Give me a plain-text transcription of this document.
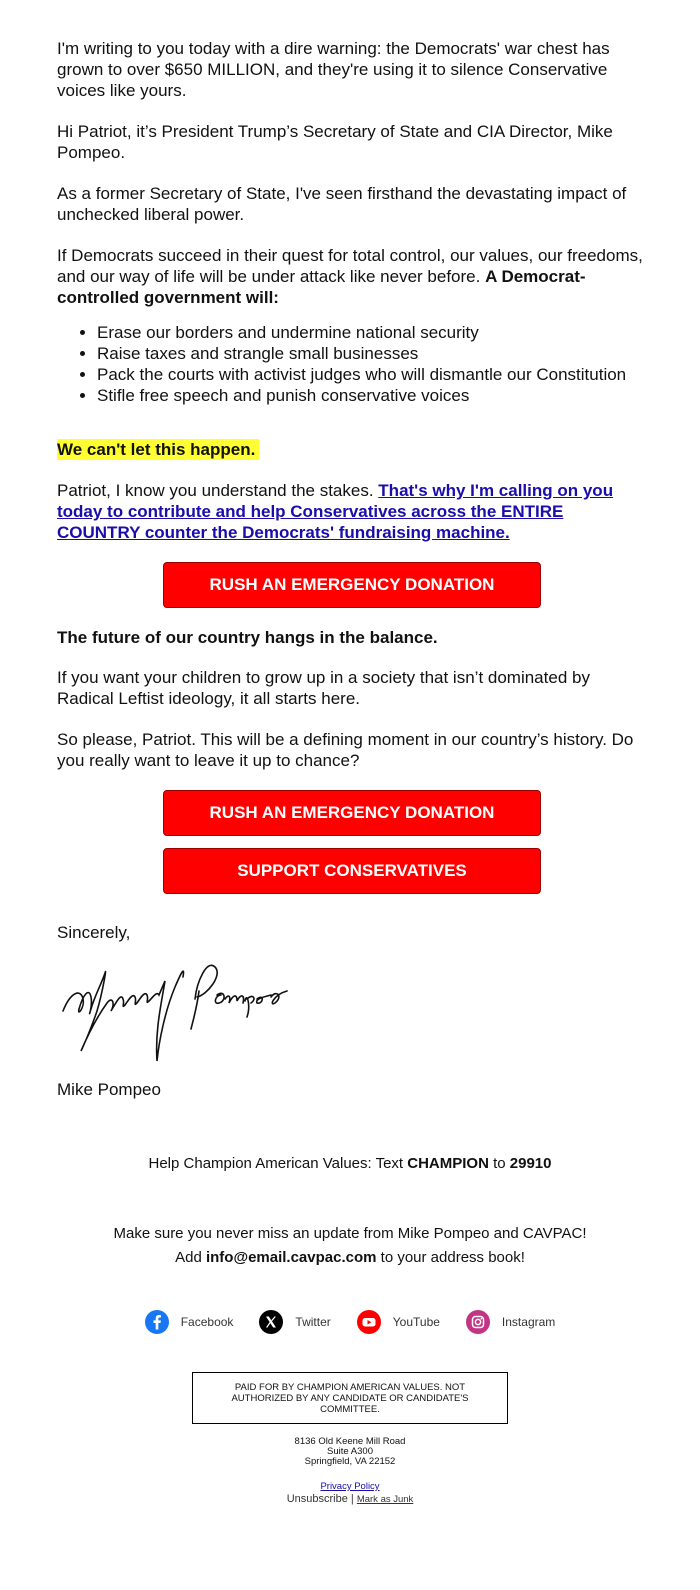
I'm writing to you today with a dire warning: the Democrats' war chest has grown to over $650 MILLION, and they're using it to silence Conservative voices like yours.

Hi Patriot, it’s President Trump’s Secretary of State and CIA Director, Mike Pompeo.

As a former Secretary of State, I've seen firsthand the devastating impact of unchecked liberal power.

If Democrats succeed in their quest for total control, our values, our freedoms, and our way of life will be under attack like never before. A Democrat-controlled government will:

• Erase our borders and undermine national security
• Raise taxes and strangle small businesses
• Pack the courts with activist judges who will dismantle our Constitution
• Stifle free speech and punish conservative voices

We can't let this happen.

Patriot, I know you understand the stakes. That's why I'm calling on you today to contribute and help Conservatives across the ENTIRE COUNTRY counter the Democrats' fundraising machine.

RUSH AN EMERGENCY DONATION

The future of our country hangs in the balance.

If you want your children to grow up in a society that isn’t dominated by Radical Leftist ideology, it all starts here.

So please, Patriot. This will be a defining moment in our country’s history. Do you really want to leave it up to chance?

RUSH AN EMERGENCY DONATION
SUPPORT CONSERVATIVES

Sincerely,

Mike Pompeo

Help Champion American Values: Text CHAMPION to 29910
Make sure you never miss an update from Mike Pompeo and CAVPAC!
Add info@email.cavpac.com to your address book!
Facebook	Twitter	YouTube	Instagram
PAID FOR BY CHAMPION AMERICAN VALUES. NOT AUTHORIZED BY ANY CANDIDATE OR CANDIDATE'S COMMITTEE.
8136 Old Keene Mill Road
Suite A300
Springfield, VA 22152
Privacy Policy
Unsubscribe | Mark as Junk
